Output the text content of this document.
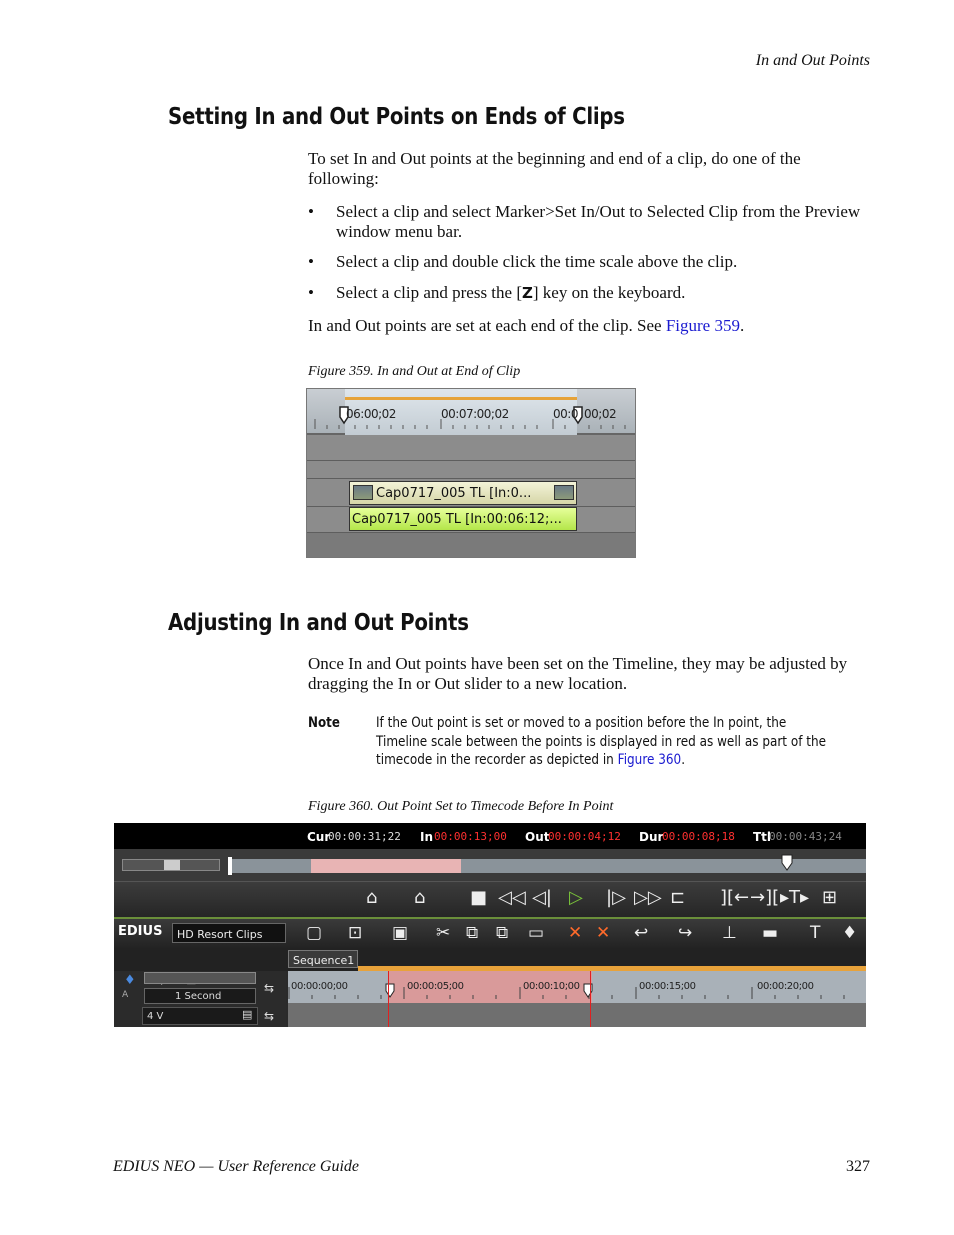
In and Out Points
Setting In and Out Points on Ends of Clips
To set In and Out points at the beginning and end of a clip, do one of the following:
• Select a clip and select Marker>Set In/Out to Selected Clip from the Preview window menu bar.
• Select a clip and double click the time scale above the clip.
• Select a clip and press the [Z] key on the keyboard.
In and Out points are set at each end of the clip. See Figure 359.
Figure 359. In and Out at End of Clip
06:00;02	00:07:00;02	00:0 00;02
Cap0717_005 TL [In:0...
Cap0717_005 TL [In:00:06:12;...
Adjusting In and Out Points
Once In and Out points have been set on the Timeline, they may be adjusted by dragging the In or Out slider to a new location.
Note	If the Out point is set or moved to a position before the In point, the Timeline scale between the points is displayed in red as well as part of the timecode in the recorder as depicted in Figure 360.
Figure 360. Out Point Set to Timecode Before In Point
Cur
00:00:31;22 In 00:00:13;00 Out
00:00:04;12 Dur
00:00:08;18 Ttl
00:00:43;24
⌂ ⌂ ■ ◁◁ ◁| ▷ |▷ ▷▷ ⊏ ][← →][ ▸T▸ ⊞
EDIUS	HD Resort Clips	▢ ⊡ ▣ ✂ ⧉ ⧉ ▭ ✕ ✕ ↩ ↪ ⊥ ▬ T ♦
Sequence1
♦
A	1 Second
⇆
4 V	▤ ⇆
00:00:00;00	00:00:05;00	00:00:10;00	00:00:15;00	00:00:20;00
EDIUS NEO — User Reference Guide	327
